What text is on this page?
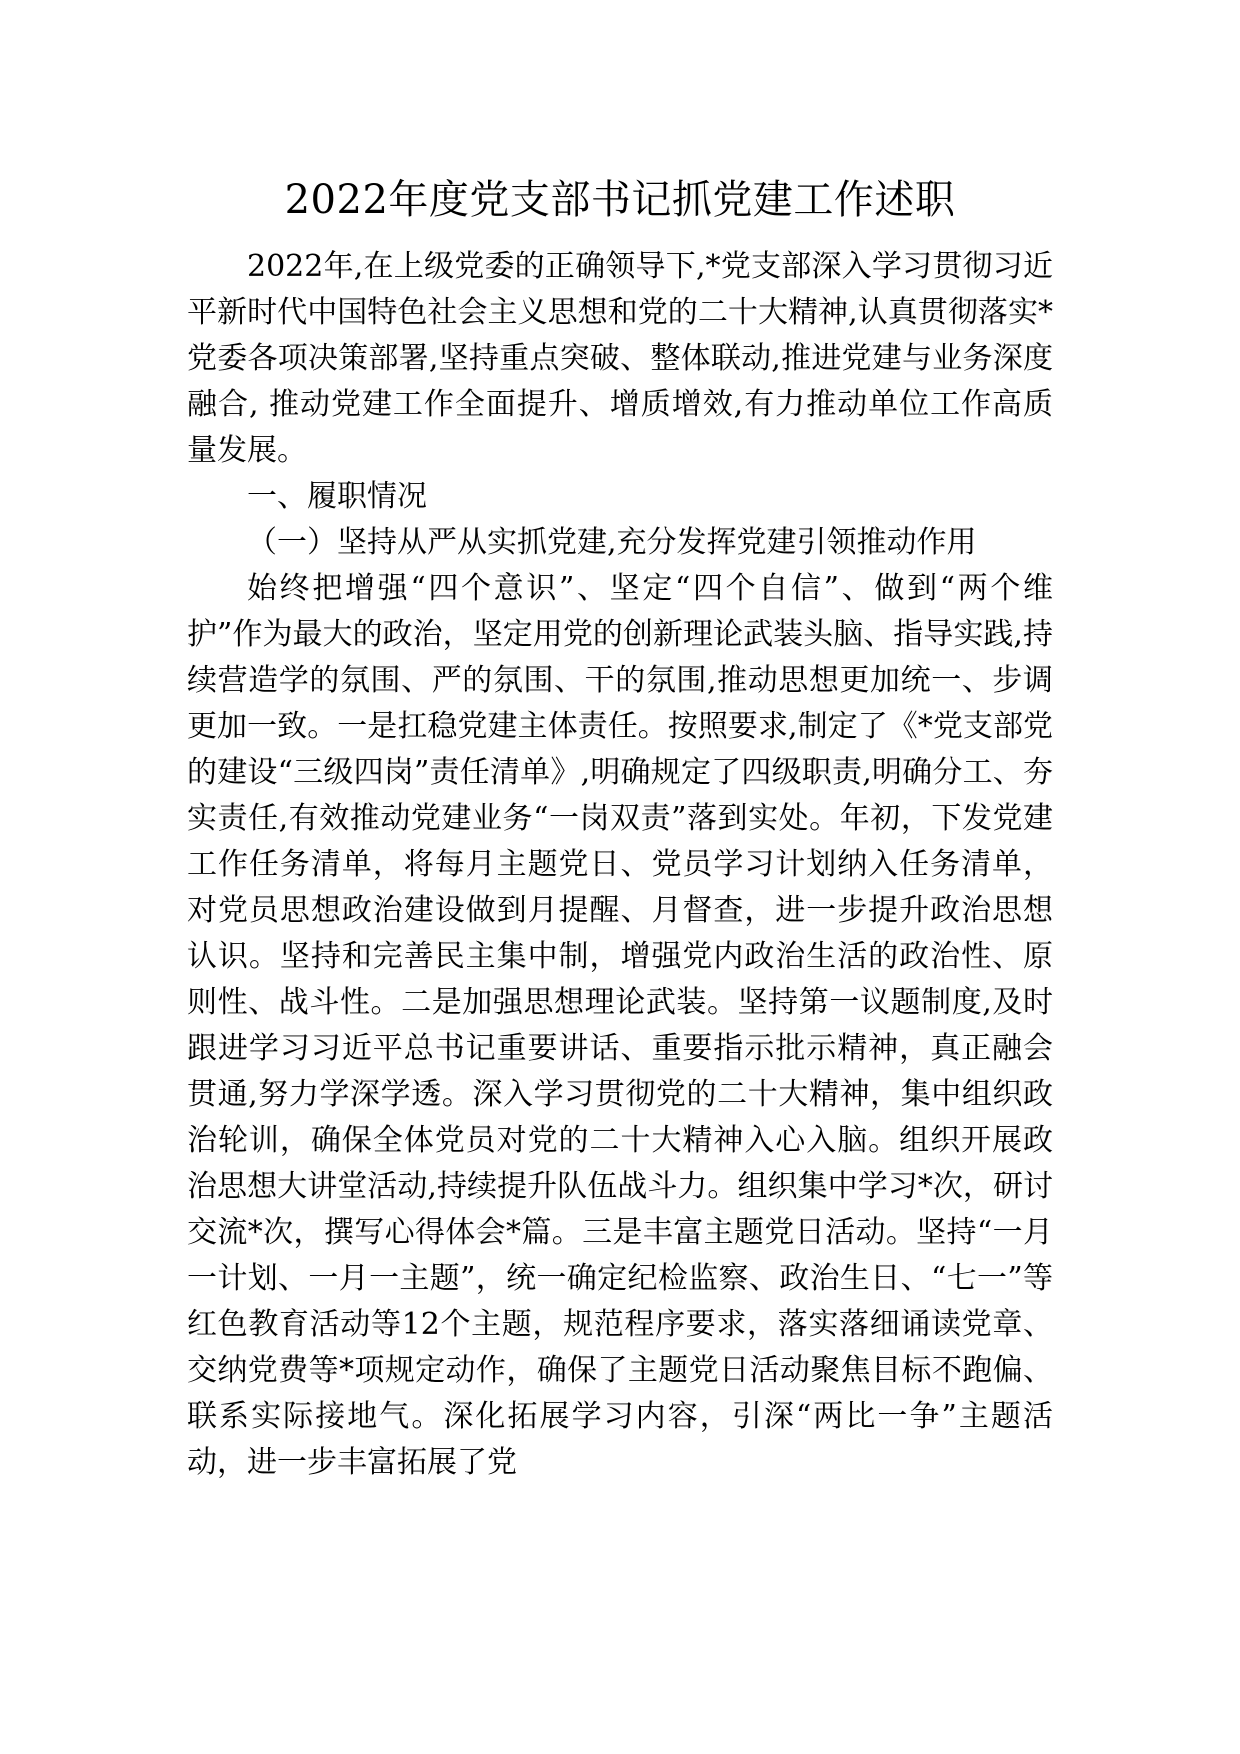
2022年度党支部书记抓党建工作述职

2022年,在上级党委的正确领导下,*党支部深入学习贯彻习近平新时代中国特色社会主义思想和党的二十大精神,认真贯彻落实*党委各项决策部署,坚持重点突破、整体联动,推进党建与业务深度融合, 推动党建工作全面提升、增质增效,有力推动单位工作高质量发展。

一、履职情况
（一）坚持从严从实抓党建,充分发挥党建引领推动作用

始终把增强“四个意识”、坚定“四个自信”、做到“两个维护”作为最大的政治，坚定用党的创新理论武装头脑、指导实践,持续营造学的氛围、严的氛围、干的氛围,推动思想更加统一、步调更加一致。一是扛稳党建主体责任。按照要求,制定了《*党支部党的建设“三级四岗”责任清单》,明确规定了四级职责,明确分工、夯实责任,有效推动党建业务“一岗双责”落到实处。年初，下发党建工作任务清单，将每月主题党日、党员学习计划纳入任务清单，对党员思想政治建设做到月提醒、月督查，进一步提升政治思想认识。坚持和完善民主集中制，增强党内政治生活的政治性、原则性、战斗性。二是加强思想理论武装。坚持第一议题制度,及时跟进学习习近平总书记重要讲话、重要指示批示精神，真正融会贯通,努力学深学透。深入学习贯彻党的二十大精神，集中组织政治轮训，确保全体党员对党的二十大精神入心入脑。组织开展政治思想大讲堂活动,持续提升队伍战斗力。组织集中学习*次，研讨交流*次，撰写心得体会*篇。三是丰富主题党日活动。坚持“一月一计划、一月一主题”，统一确定纪检监察、政治生日、“七一”等红色教育活动等12个主题，规范程序要求，落实落细诵读党章、交纳党费等*项规定动作，确保了主题党日活动聚焦目标不跑偏、联系实际接地气。深化拓展学习内容，引深“两比一争”主题活动，进一步丰富拓展了党
